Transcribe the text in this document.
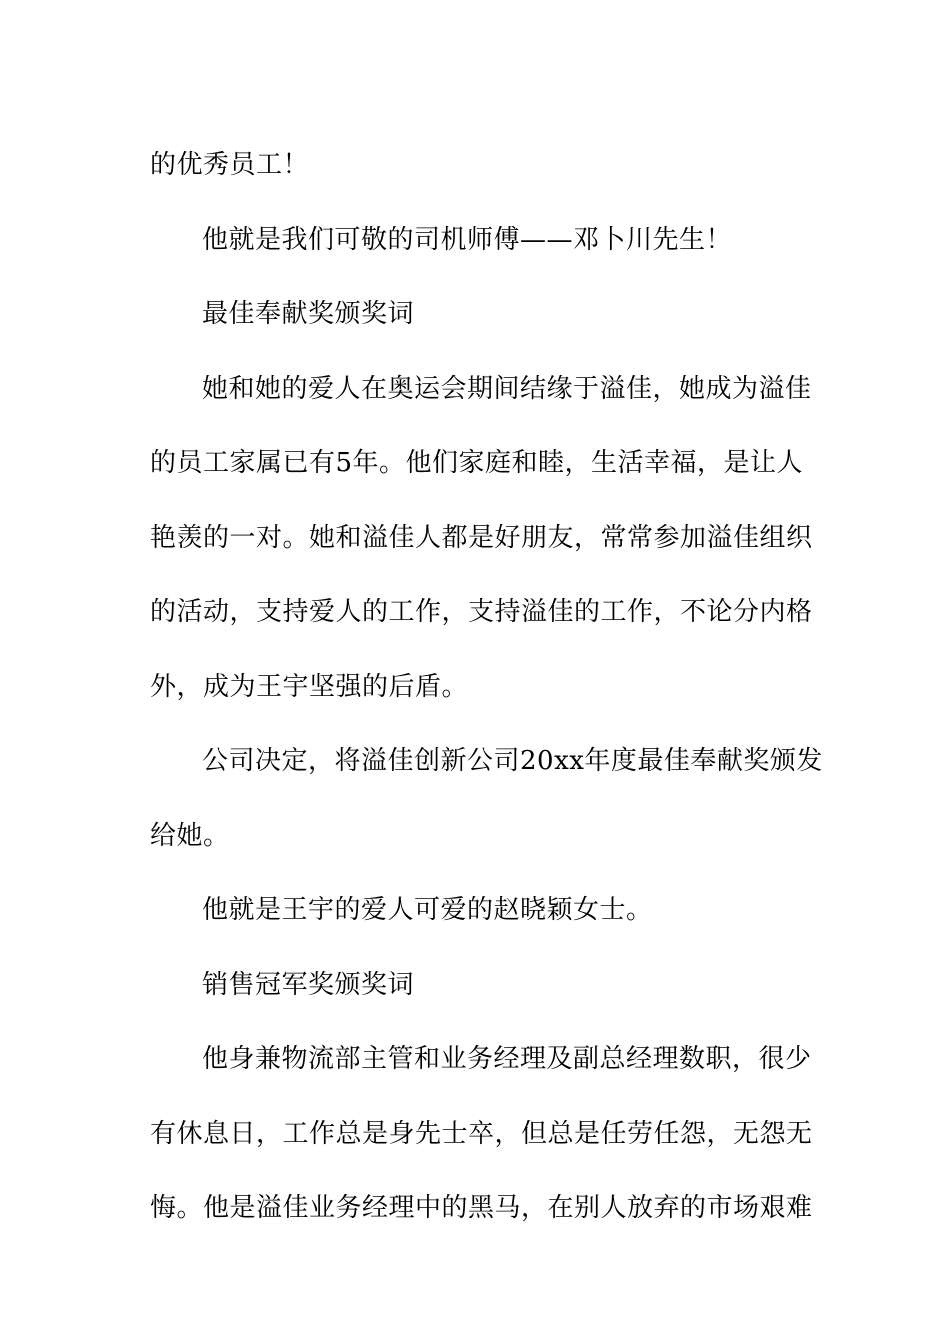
的优秀员工！
他就是我们可敬的司机师傅——邓卜川先生！
最佳奉献奖颁奖词
她和她的爱人在奥运会期间结缘于溢佳，她成为溢佳
的员工家属已有5年。他们家庭和睦，生活幸福，是让人
艳羡的一对。她和溢佳人都是好朋友，常常参加溢佳组织
的活动，支持爱人的工作，支持溢佳的工作，不论分内格
外，成为王宇坚强的后盾。
公司决定，将溢佳创新公司20xx年度最佳奉献奖颁发
给她。
他就是王宇的爱人可爱的赵晓颖女士。
销售冠军奖颁奖词
他身兼物流部主管和业务经理及副总经理数职，很少
有休息日，工作总是身先士卒，但总是任劳任怨，无怨无
悔。他是溢佳业务经理中的黑马，在别人放弃的市场艰难
